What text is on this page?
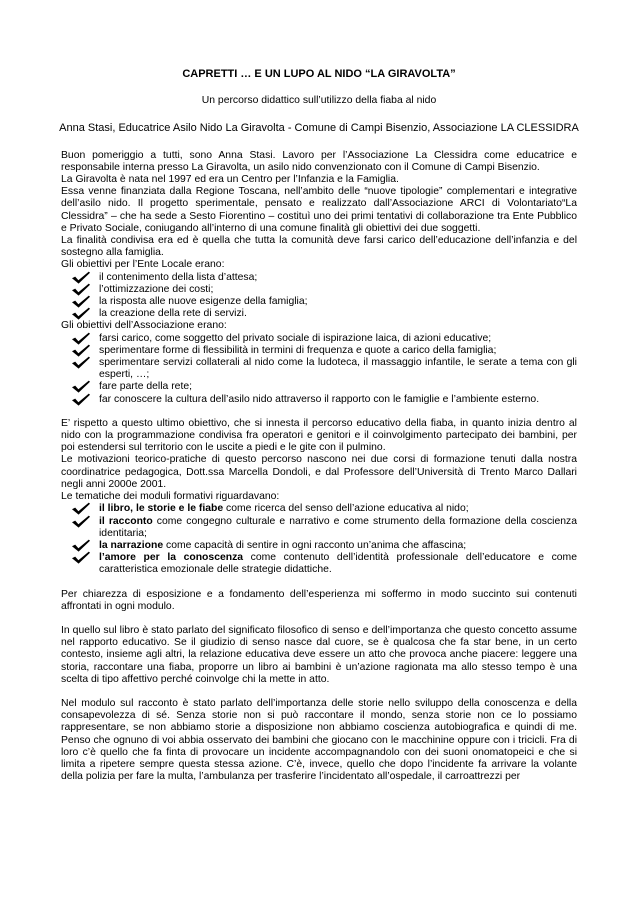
CAPRETTI … E UN LUPO AL NIDO “LA GIRAVOLTA”
Un percorso didattico sull’utilizzo della fiaba al nido
Anna Stasi, Educatrice Asilo Nido La Giravolta - Comune di Campi Bisenzio, Associazione LA CLESSIDRA

Buon pomeriggio a tutti, sono Anna Stasi. Lavoro per l’Associazione La Clessidra come educatrice e responsabile interna presso La Giravolta, un asilo nido convenzionato con il Comune di Campi Bisenzio.

La Giravolta è nata nel 1997 ed era un Centro per l’Infanzia e la Famiglia.

Essa venne finanziata dalla Regione Toscana, nell’ambito delle “nuove tipologie” complementari e integrative dell’asilo nido. Il progetto sperimentale, pensato e realizzato dall’Associazione ARCI di Volontariato“La Clessidra” – che ha sede a Sesto Fiorentino – costituì uno dei primi tentativi di collaborazione tra Ente Pubblico e Privato Sociale, coniugando all’interno di una comune finalità gli obiettivi dei due soggetti.

La finalità condivisa era ed è quella che tutta la comunità deve farsi carico dell’educazione dell’infanzia e del sostegno alla famiglia.

Gli obiettivi per l’Ente Locale erano:

il contenimento della lista d’attesa;
l’ottimizzazione dei costi;
la risposta alle nuove esigenze della famiglia;
la creazione della rete di servizi.

Gli obiettivi dell’Associazione erano:

farsi carico, come soggetto del privato sociale di ispirazione laica, di azioni educative;
sperimentare forme di flessibilità in termini di frequenza e quote a carico della famiglia;
sperimentare servizi collaterali al nido come la ludoteca, il massaggio infantile, le serate a tema con gli esperti, …;
fare parte della rete;
far conoscere la cultura dell’asilo nido attraverso il rapporto con le famiglie e l’ambiente esterno.

E’ rispetto a questo ultimo obiettivo, che si innesta il percorso educativo della fiaba, in quanto inizia dentro al nido con la programmazione condivisa fra operatori e genitori e il coinvolgimento partecipato dei bambini, per poi estendersi sul territorio con le uscite a piedi e le gite con il pulmino.

Le motivazioni teorico-pratiche di questo percorso nascono nei due corsi di formazione tenuti dalla nostra coordinatrice pedagogica, Dott.ssa Marcella Dondoli, e dal Professore dell’Università di Trento Marco Dallari negli anni 2000e 2001.

Le tematiche dei moduli formativi riguardavano:

il libro, le storie e le fiabe come ricerca del senso dell’azione educativa al nido;
il racconto come congegno culturale e narrativo e come strumento della formazione della coscienza identitaria;
la narrazione come capacità di sentire in ogni racconto un’anima che affascina;
l’amore per la conoscenza come contenuto dell’identità professionale dell’educatore e come caratteristica emozionale delle strategie didattiche.

Per chiarezza di esposizione e a fondamento dell’esperienza mi soffermo in modo succinto sui contenuti affrontati in ogni modulo.

In quello sul libro è stato parlato del significato filosofico di senso e dell’importanza che questo concetto assume nel rapporto educativo. Se il giudizio di senso nasce dal cuore, se è qualcosa che fa star bene, in un certo contesto, insieme agli altri, la relazione educativa deve essere un atto che provoca anche piacere: leggere una storia, raccontare una fiaba, proporre un libro ai bambini è un’azione ragionata ma allo stesso tempo è una scelta di tipo affettivo perché coinvolge chi la mette in atto.

Nel modulo sul racconto è stato parlato dell’importanza delle storie nello sviluppo della conoscenza e della consapevolezza di sé. Senza storie non si può raccontare il mondo, senza storie non ce lo possiamo rappresentare, se non abbiamo storie a disposizione non abbiamo coscienza autobiografica e quindi di me. Penso che ognuno di voi abbia osservato dei bambini che giocano con le macchinine oppure con i tricicli. Fra di loro c’è quello che fa finta di provocare un incidente accompagnandolo con dei suoni onomatopeici e che si limita a ripetere sempre questa stessa azione. C’è, invece, quello che dopo l’incidente fa arrivare la volante della polizia per fare la multa, l’ambulanza per trasferire l’incidentato all’ospedale, il carroattrezzi per
